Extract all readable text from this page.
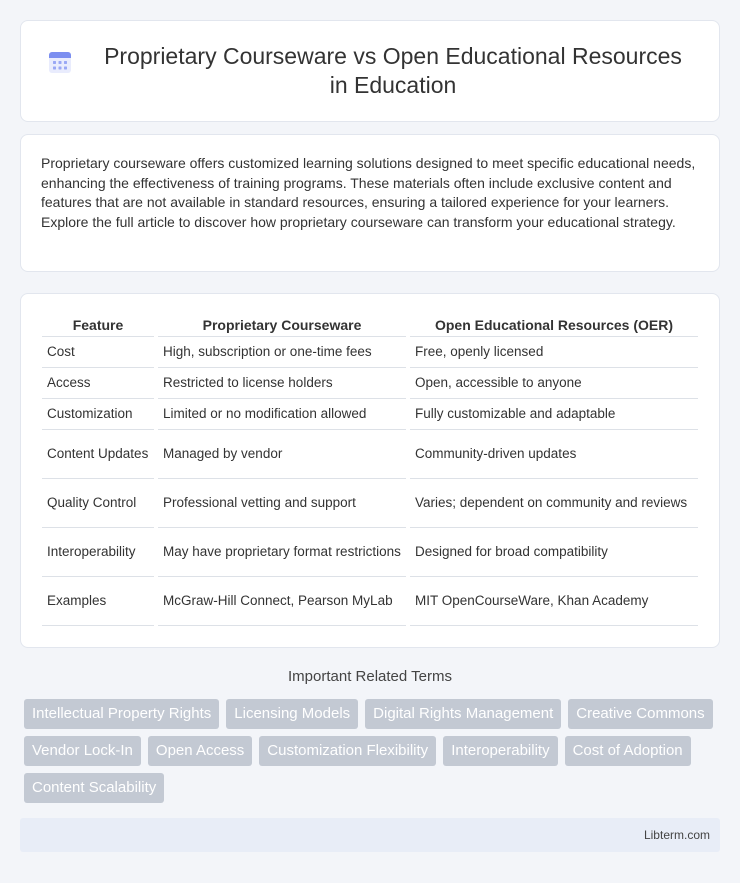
Proprietary Courseware vs Open Educational Resources in Education

Proprietary courseware offers customized learning solutions designed to meet specific educational needs, enhancing the effectiveness of training programs. These materials often include exclusive content and features that are not available in standard resources, ensuring a tailored experience for your learners. Explore the full article to discover how proprietary courseware can transform your educational strategy.

Feature	Proprietary Courseware	Open Educational Resources (OER)
Cost	High, subscription or one-time fees	Free, openly licensed
Access	Restricted to license holders	Open, accessible to anyone
Customization	Limited or no modification allowed	Fully customizable and adaptable
Content Updates	Managed by vendor	Community-driven updates
Quality Control	Professional vetting and support	Varies; dependent on community and reviews
Interoperability	May have proprietary format restrictions	Designed for broad compatibility
Examples	McGraw-Hill Connect, Pearson MyLab	MIT OpenCourseWare, Khan Academy
Important Related Terms
Intellectual Property Rights	Licensing Models	Digital Rights Management	Creative Commons
Vendor Lock-In	Open Access	Customization Flexibility	Interoperability	Cost of Adoption
Content Scalability
Libterm.com
